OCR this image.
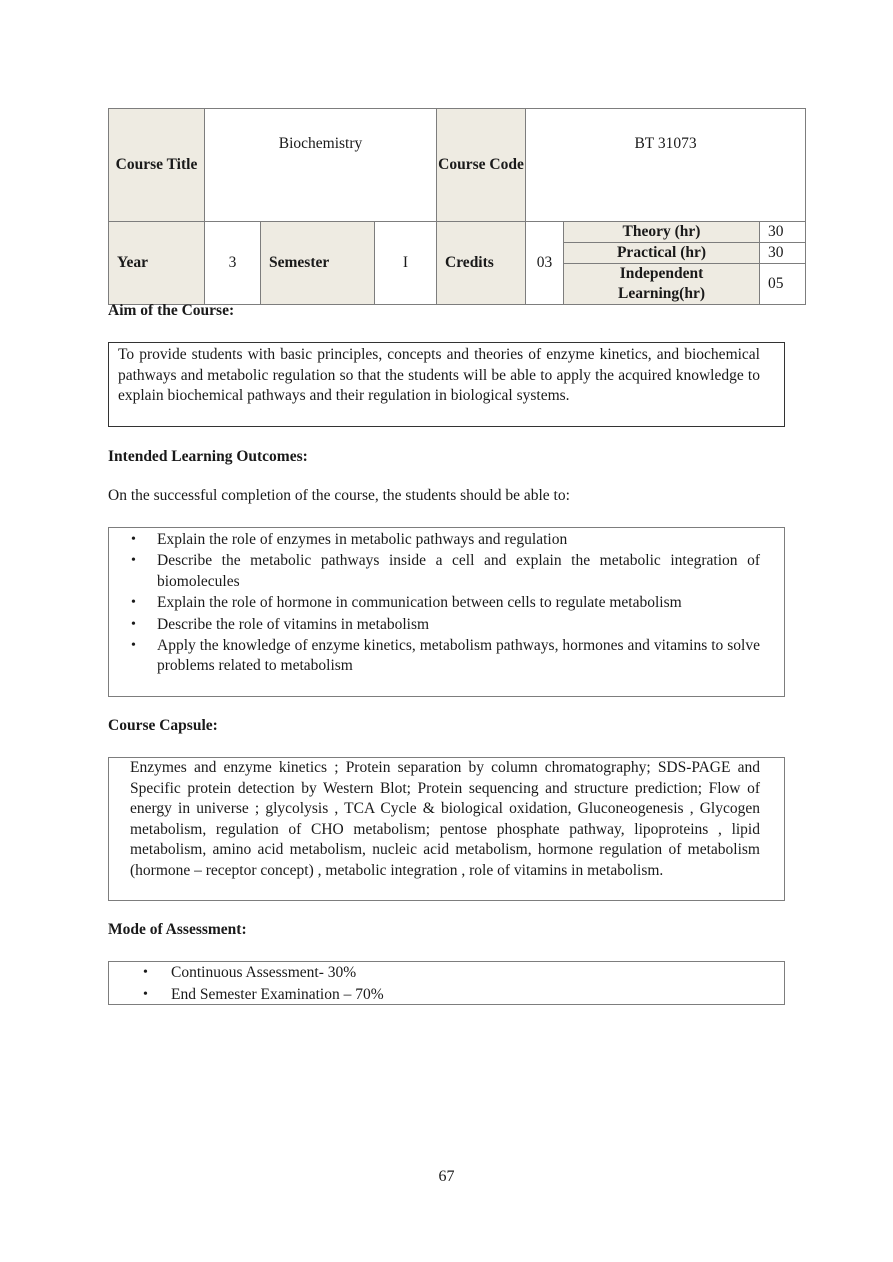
Course Title	Biochemistry			Course Code	BT 31073		
Year	3	Semester	I	Credits	03	Theory (hr)	30
						Practical (hr)	30
						Independent Learning(hr)	05
Aim of the Course:
To provide students with basic principles, concepts and theories of enzyme kinetics, and biochemical pathways and metabolic regulation so that the students will be able to apply the acquired knowledge to explain biochemical pathways and their regulation in biological systems.
Intended Learning Outcomes:
On the successful completion of the course, the students should be able to:
• Explain the role of enzymes in metabolic pathways and regulation
• Describe the metabolic pathways inside a cell and explain the metabolic integration of biomolecules
• Explain the role of hormone in communication between cells to regulate metabolism
• Describe the role of vitamins in metabolism
• Apply the knowledge of enzyme kinetics, metabolism pathways, hormones and vitamins to solve problems related to metabolism
Course Capsule:
Enzymes and enzyme kinetics ; Protein separation by column chromatography; SDS-PAGE and Specific protein detection by Western Blot; Protein sequencing and structure prediction; Flow of energy in universe ; glycolysis , TCA Cycle & biological oxidation, Gluconeogenesis , Glycogen metabolism, regulation of CHO metabolism; pentose phosphate pathway, lipoproteins , lipid metabolism, amino acid metabolism, nucleic acid metabolism, hormone regulation of metabolism (hormone – receptor concept) , metabolic integration , role of vitamins in metabolism.
Mode of Assessment:
• Continuous Assessment- 30%
• End Semester Examination – 70%
67
